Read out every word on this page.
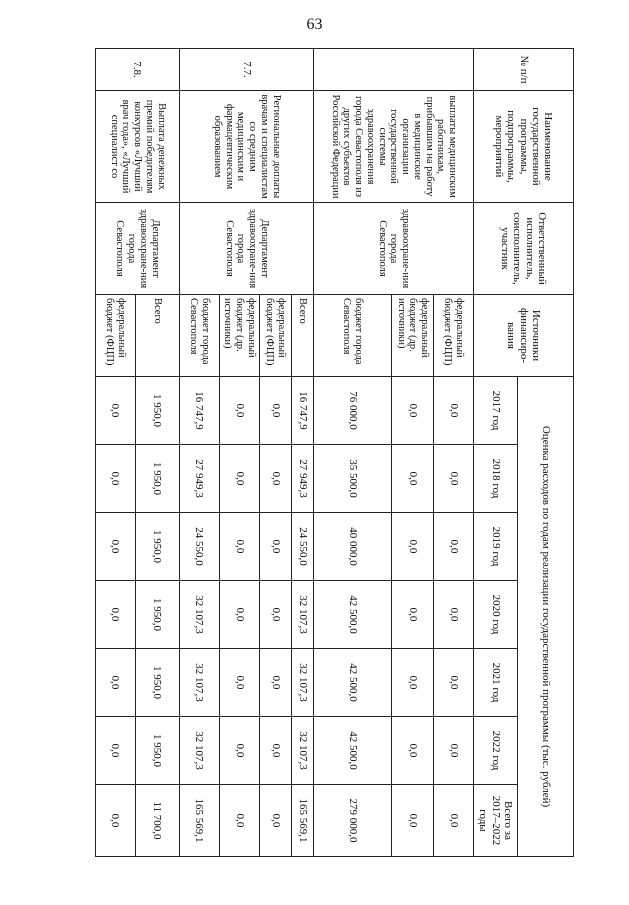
63
№ п/п	Наименование государственной программы, подпрограммы, мероприятий	Ответственный исполнитель, соисполнитель, участник	Источники финансиро-вания	Оценка расходов по годам реализации государственной программы (тыс. рублей)						
				2017 год	2018 год	2019 год	2020 год	2021 год	2022 год	Всего за 2017–2022 годы
	выплаты медицинским работникам, прибывшим на работу в медицинские организации государственной системы здравоохранения города Севастополя из других субъектов Российской Федерации	здравоохране-ния города Севастополя	федеральный бюджет (ФЦП)	0,0	0,0	0,0	0,0	0,0	0,0	0,0
			федеральный бюджет (др. источники)	0,0	0,0	0,0	0,0	0,0	0,0	0,0
			бюджет города Севастополя	76 000,0	35 500,0	40 000,0	42 500,0	42 500,0	42 500,0	279 000,0
7.7.	Региональные доплаты врачам и специалистам со средним медицинским и фармацевтическим образованием	Департамент здравоохране-ния города Севастополя	Всего	16 747,9	27 949,3	24 550,0	32 107,3	32 107,3	32 107,3	165 569,1
			федеральный бюджет (ФЦП)	0,0	0,0	0,0	0,0	0,0	0,0	0,0
			федеральный бюджет (др. источники)	0,0	0,0	0,0	0,0	0,0	0,0	0,0
			бюджет города Севастополя	16 747,9	27 949,3	24 550,0	32 107,3	32 107,3	32 107,3	165 569,1
7.8.	Выплата денежных премий победителям конкурсов «Лучший врач года», «Лучший специалист со	Департамент здравоохране-ния города Севастополя	Всего	1 950,0	1 950,0	1 950,0	1 950,0	1 950,0	1 950,0	11 700,0
			федеральный бюджет (ФЦП)	0,0	0,0	0,0	0,0	0,0	0,0	0,0
